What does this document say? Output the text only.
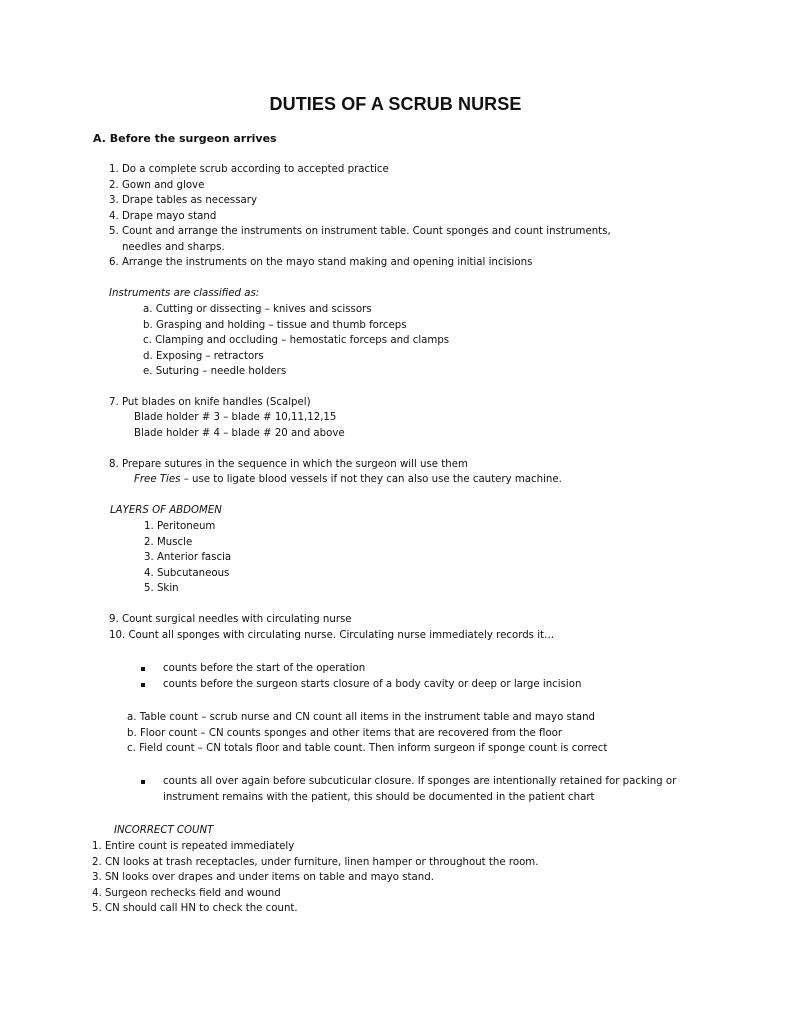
DUTIES OF A SCRUB NURSE
A. Before the surgeon arrives
1. Do a complete scrub according to accepted practice
2. Gown and glove
3. Drape tables as necessary
4. Drape mayo stand
5. Count and arrange the instruments on instrument table. Count sponges and count instruments,
needles and sharps.
6. Arrange the instruments on the mayo stand making and opening initial incisions
Instruments are classified as:
a. Cutting or dissecting – knives and scissors
b. Grasping and holding – tissue and thumb forceps
c. Clamping and occluding – hemostatic forceps and clamps
d. Exposing – retractors
e. Suturing – needle holders
7. Put blades on knife handles (Scalpel)
Blade holder # 3 – blade # 10,11,12,15
Blade holder # 4 – blade # 20 and above
8. Prepare sutures in the sequence in which the surgeon will use them
Free Ties – use to ligate blood vessels if not they can also use the cautery machine.
LAYERS OF ABDOMEN
1. Peritoneum
2. Muscle
3. Anterior fascia
4. Subcutaneous
5. Skin
9. Count surgical needles with circulating nurse
10. Count all sponges with circulating nurse. Circulating nurse immediately records it…
counts before the start of the operation
counts before the surgeon starts closure of a body cavity or deep or large incision
a. Table count – scrub nurse and CN count all items in the instrument table and mayo stand
b. Floor count – CN counts sponges and other items that are recovered from the floor
c. Field count – CN totals floor and table count. Then inform surgeon if sponge count is correct
counts all over again before subcuticular closure. If sponges are intentionally retained for packing or
instrument remains with the patient, this should be documented in the patient chart
INCORRECT COUNT
1. Entire count is repeated immediately
2. CN looks at trash receptacles, under furniture, linen hamper or throughout the room.
3. SN looks over drapes and under items on table and mayo stand.
4. Surgeon rechecks field and wound
5. CN should call HN to check the count.
